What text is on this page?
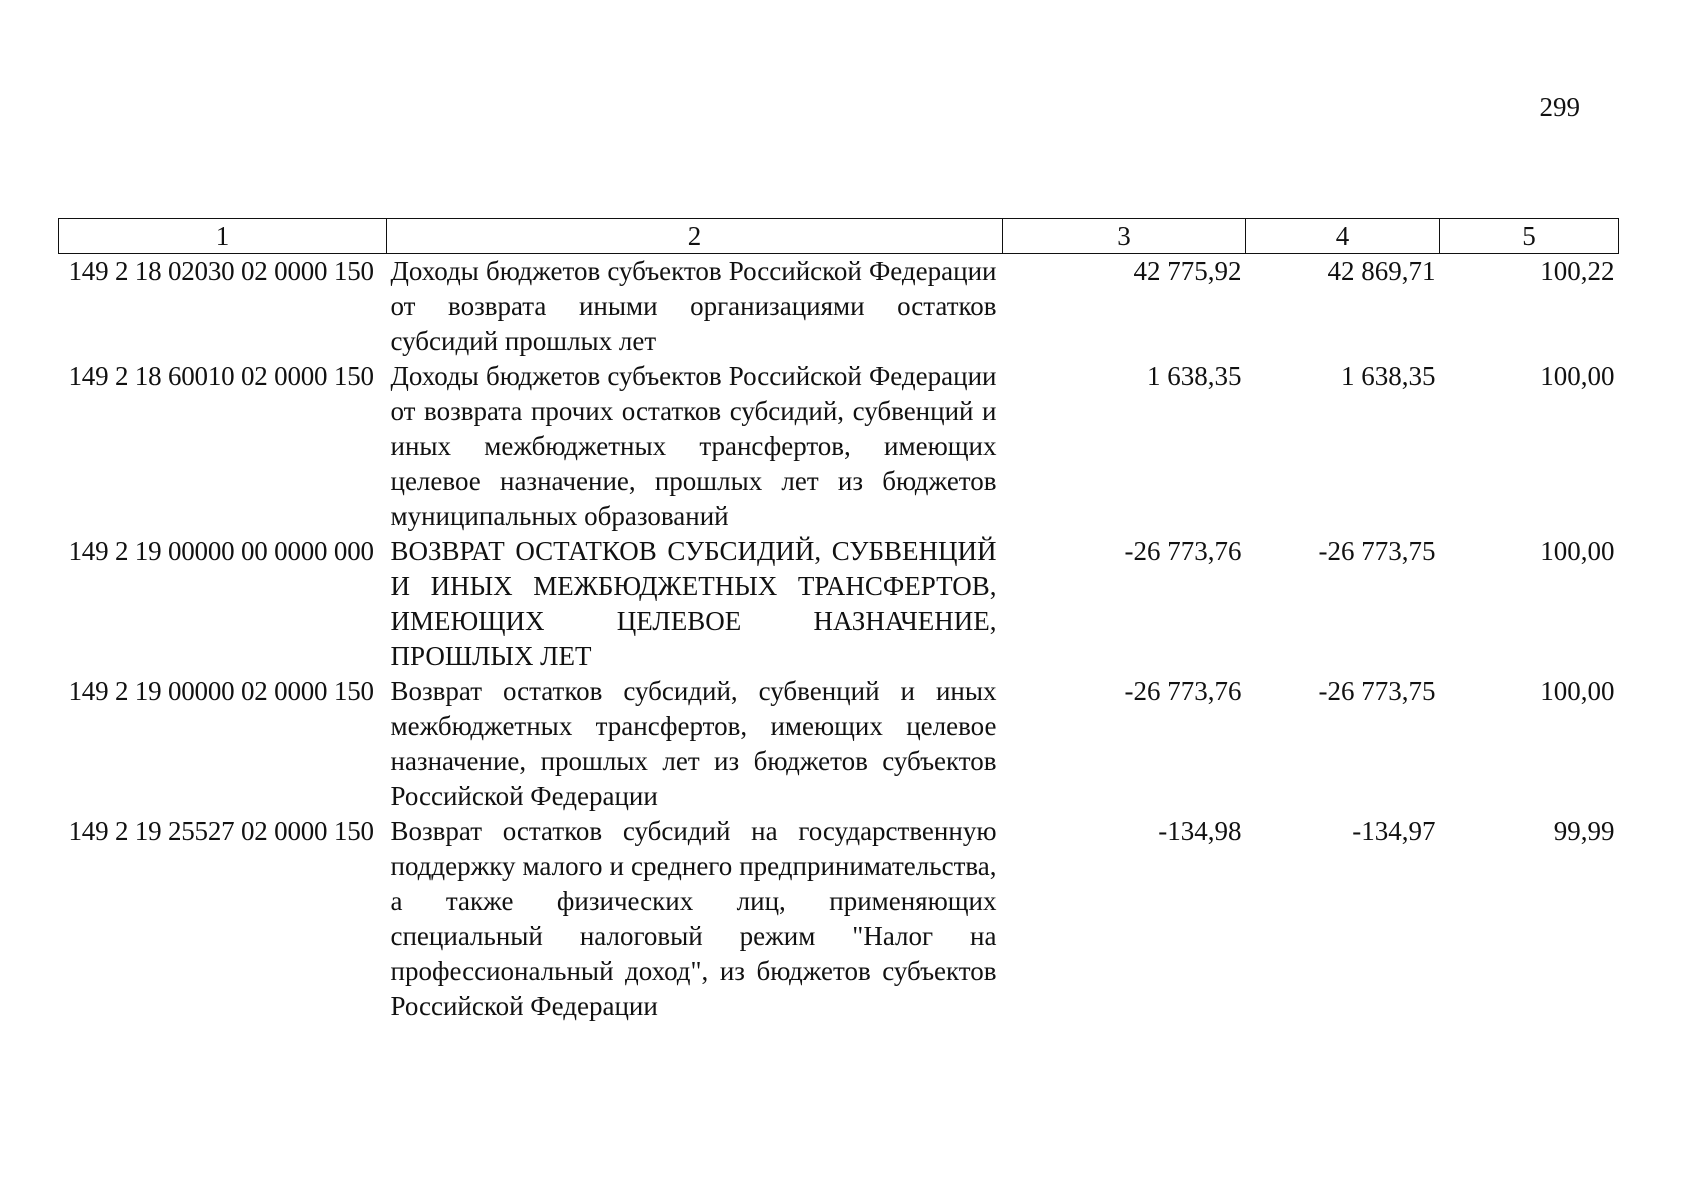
299
1	2	3	4	5
149 2 18 02030 02 0000 150	Доходы бюджетов субъектов Российской Федерации от возврата иными организациями остатков субсидий прошлых лет	42 775,92	42 869,71	100,22
149 2 18 60010 02 0000 150	Доходы бюджетов субъектов Российской Федерации от возврата прочих остатков субсидий, субвенций и иных межбюджетных трансфертов, имеющих целевое назначение, прошлых лет из бюджетов муниципальных образований	1 638,35	1 638,35	100,00
149 2 19 00000 00 0000 000	ВОЗВРАТ ОСТАТКОВ СУБСИДИЙ, СУБВЕНЦИЙ И ИНЫХ МЕЖБЮДЖЕТНЫХ ТРАНСФЕРТОВ, ИМЕЮЩИХ ЦЕЛЕВОЕ НАЗНАЧЕНИЕ, ПРОШЛЫХ ЛЕТ	-26 773,76	-26 773,75	100,00
149 2 19 00000 02 0000 150	Возврат остатков субсидий, субвенций и иных межбюджетных трансфертов, имеющих целевое назначение, прошлых лет из бюджетов субъектов Российской Федерации	-26 773,76	-26 773,75	100,00
149 2 19 25527 02 0000 150	Возврат остатков субсидий на государственную поддержку малого и среднего предпринимательства, а также физических лиц, применяющих специальный налоговый режим "Налог на профессиональный доход", из бюджетов субъектов Российской Федерации	-134,98	-134,97	99,99
